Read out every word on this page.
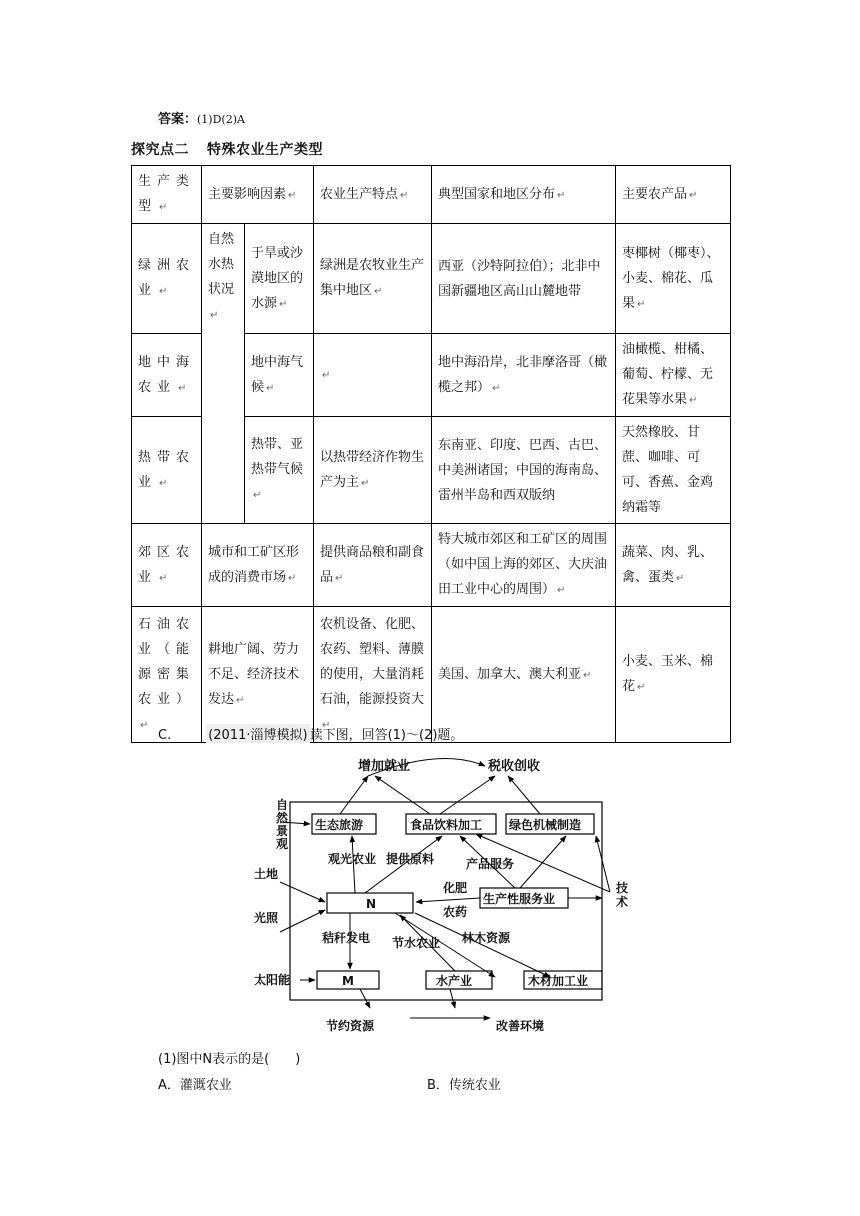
答案：(1)D(2)A
探究点二 特殊农业生产类型
生产类型 ↵	主要影响因素 ↵		农业生产特点 ↵	典型国家和地区分布 ↵	主要农产品 ↵
绿洲农业 ↵	自然水热状况↵	于旱或沙漠地区的水源 ↵	绿洲是农牧业生产集中地区 ↵	西亚（沙特阿拉伯）；北非中国新疆地区高山山麓地带	枣椰树（椰枣）、小麦、棉花、瓜果 ↵
地中海农业 ↵		地中海气候 ↵	↵	地中海沿岸，北非摩洛哥（橄榄之邦） ↵	油橄榄、柑橘、葡萄、柠檬、无花果等水果 ↵
热带农业 ↵		热带、亚热带气候↵	以热带经济作物生产为主 ↵	东南亚、印度、巴西、古巴、中美洲诸国；中国的海南岛、雷州半岛和西双版纳	天然橡胶、甘蔗、咖啡、可可、香蕉、金鸡纳霜等
郊区农业 ↵	城市和工矿区形成的消费市场 ↵		提供商品粮和副食品 ↵	特大城市郊区和工矿区的周围（如中国上海的郊区、大庆油田工业中心的周围） ↵	蔬菜、肉、乳、禽、蛋类 ↵
石油农业（能源密集农业）↵	耕地广阔、劳力不足、经济技术发达 ↵		农机设备、化肥、农药、塑料、薄膜的使用，大量消耗石油，能源投资大↵	美国、加拿大、澳大利亚 ↵	小麦、玉米、棉花 ↵
C.	(2011·淄博模拟) 读下图，回答(1)～(2)题。
增加就业	税收创收
自然景观
土地
光照
太阳能
生态旅游	食品饮料加工 绿色机械制造
N	生产性服务业
M	水产业	木材加工业
观光农业 提供原料	产品服务
化肥
农药
秸秆发电 节水农业 林木资源
技术
节约资源	改善环境
(1)图中N表示的是(　　)
A．灌溉农业	B．传统农业
